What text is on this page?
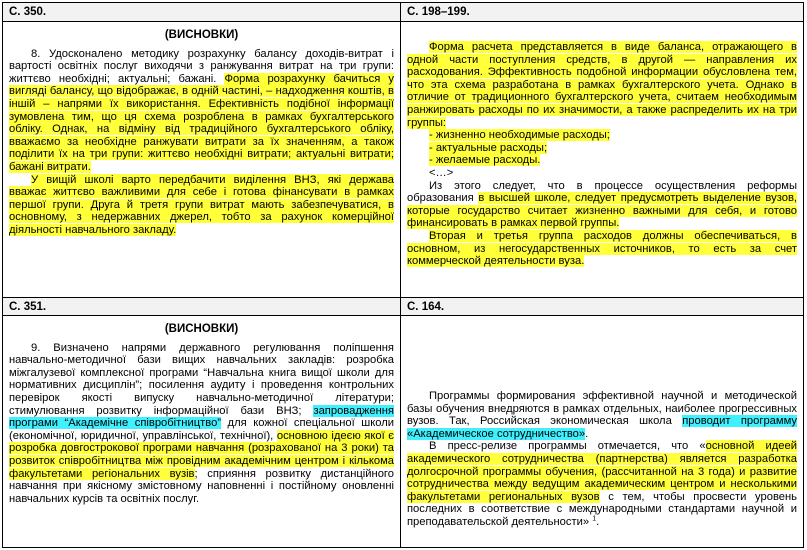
С. 350.
(ВИСНОВКИ)

8. Удосконалено методику розрахунку балансу доходів-витрат і вартості освітніх послуг виходячи з ранжування витрат на три групи: життєво необхідні; актуальні; бажані. Форма розрахунку бачиться у вигляді балансу, що відображає, в одній частині, – надходження коштів, в іншій – напрями їх використання. Ефективність подібної інформації зумовлена тим, що ця схема розроблена в рамках бухгалтерського обліку. Однак, на відміну від традиційного бухгалтерського обліку, вважаємо за необхідне ранжувати витрати за їх значенням, а також поділити їх на три групи: життєво необхідні витрати; актуальні витрати; бажані витрати.

У вищій школі варто передбачити виділення ВНЗ, які держава вважає життєво важливими для себе і готова фінансувати в рамках першої групи. Друга й третя групи витрат мають забезпечуватися, в основному, з недержавних джерел, тобто за рахунок комерційної діяльності навчального закладу.

С. 351.
(ВИСНОВКИ)

9. Визначено напрями державного регулювання поліпшення навчально-методичної бази вищих навчальних закладів: розробка міжгалузевої комплексної програми “Навчальна книга вищої школи для нормативних дисциплін”; посилення аудиту і проведення контрольних перевірок якості випуску навчально-методичної літератури; стимулювання розвитку інформаційної бази ВНЗ; запровадження програми “Академічне співробітництво” для кожної спеціальної школи (економічної, юридичної, управлінської, технічної), основною ідеєю якої є розробка довгострокової програми навчання (розрахованої на 3 роки) та розвиток співробітництва між провідним академічним центром і кількома факультетами регіональних вузів; сприяння розвитку дистанційного навчання при якісному змістовному наповненні і постійному оновленні навчальних курсів та освітніх послуг.

С. 198–199.

Форма расчета представляется в виде баланса, отражающего в одной части поступления средств, в другой — направления их расходования. Эффективность подобной информации обусловлена тем, что эта схема разработана в рамках бухгалтерского учета. Однако в отличие от традиционного бухгалтерского учета, считаем необходимым ранжировать расходы по их значимости, а также распределить их на три группы:

- жизненно необходимые расходы;
- актуальные расходы;
- желаемые расходы.
<…>

Из этого следует, что в процессе осуществления реформы образования в высшей школе, следует предусмотреть выделение вузов, которые государство считает жизненно важными для себя, и готово финансировать в рамках первой группы.

Вторая и третья группа расходов должны обеспечиваться, в основном, из негосударственных источников, то есть за счет коммерческой деятельности вуза.

С. 164.

Программы формирования эффективной научной и методической базы обучения внедряются в рамках отдельных, наиболее прогрессивных вузов. Так, Российская экономическая школа проводит программу «Академическое сотрудничество».

В пресс-релизе программы отмечается, что «основной идеей академического сотрудничества (партнерства) является разработка долгосрочной программы обучения, (рассчитанной на 3 года) и развитие сотрудничества между ведущим академическим центром и несколькими факультетами региональных вузов с тем, чтобы просвести уровень последних в соответствие с международными стандартами научной и преподавательской деятельности» $^1$.
